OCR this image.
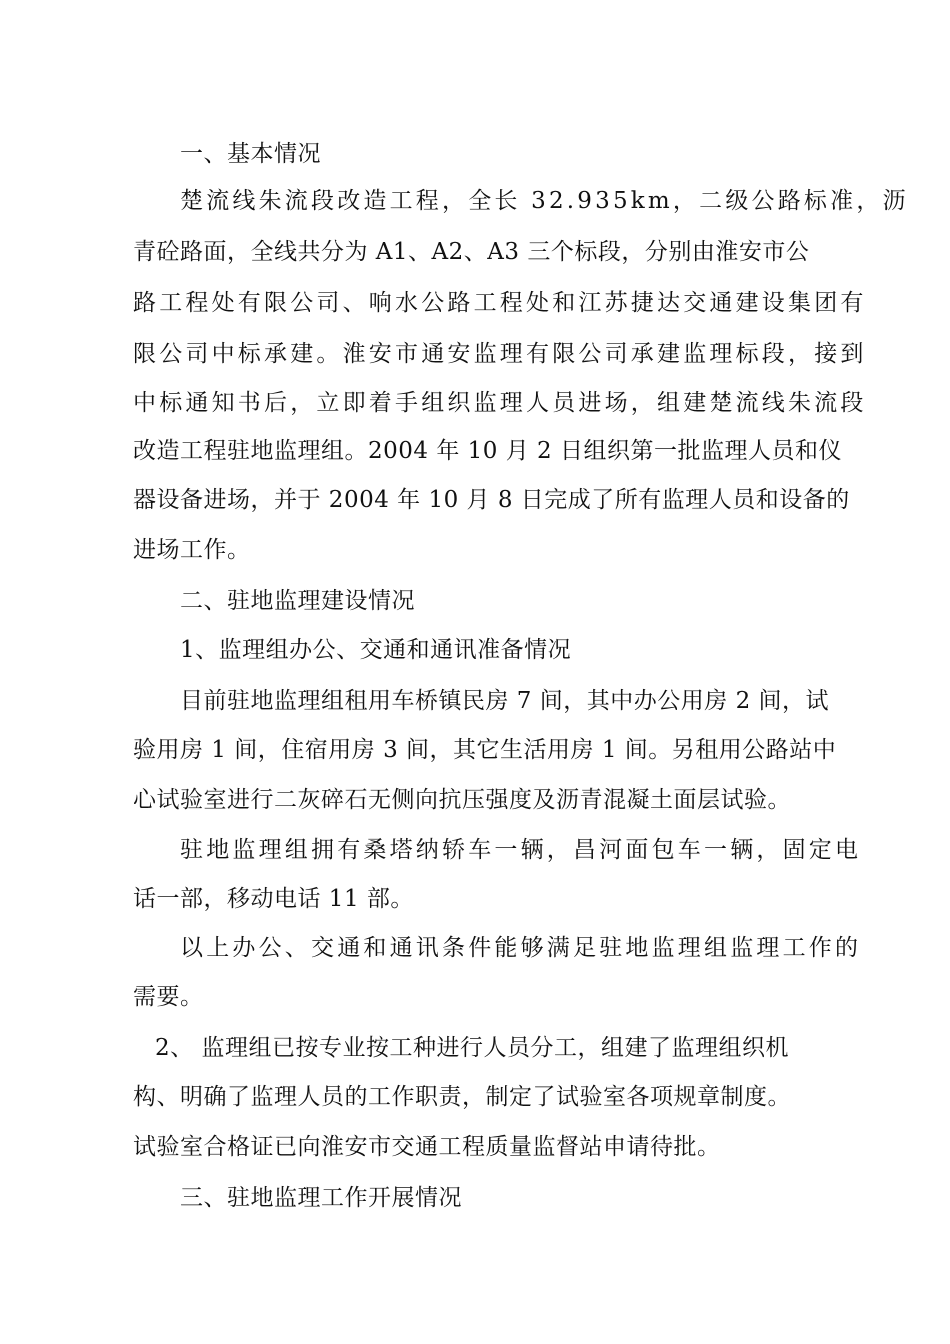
一、基本情况
楚流线朱流段改造工程，全长 32.935km，二级公路标准，沥
青砼路面，全线共分为 A1、A2、A3 三个标段，分别由淮安市公
路工程处有限公司、响水公路工程处和江苏捷达交通建设集团有
限公司中标承建。淮安市通安监理有限公司承建监理标段，接到
中标通知书后，立即着手组织监理人员进场，组建楚流线朱流段
改造工程驻地监理组。2004 年 10 月 2 日组织第一批监理人员和仪
器设备进场，并于 2004 年 10 月 8 日完成了所有监理人员和设备的
进场工作。
二、驻地监理建设情况
1、监理组办公、交通和通讯准备情况
目前驻地监理组租用车桥镇民房 7 间，其中办公用房 2 间，试
验用房 1 间，住宿用房 3 间，其它生活用房 1 间。另租用公路站中
心试验室进行二灰碎石无侧向抗压强度及沥青混凝土面层试验。
驻地监理组拥有桑塔纳轿车一辆，昌河面包车一辆，固定电
话一部，移动电话 11 部。
以上办公、交通和通讯条件能够满足驻地监理组监理工作的
需要。
2、 监理组已按专业按工种进行人员分工，组建了监理组织机
构、明确了监理人员的工作职责，制定了试验室各项规章制度。
试验室合格证已向淮安市交通工程质量监督站申请待批。
三、驻地监理工作开展情况
